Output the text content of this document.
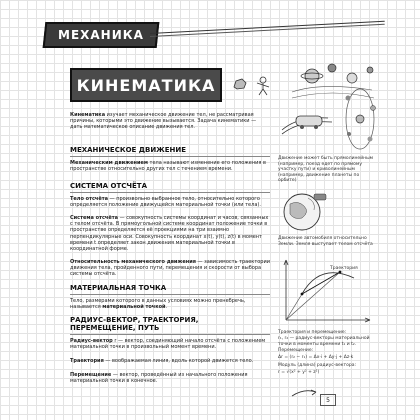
МЕХАНИКА
КИНЕМАТИКА
Кинематика изучает механическое движение тел, не рассматривая причины, которыми это движение вызывается. Задача кинематики — дать математическое описание движения тел.
МЕХАНИЧЕСКОЕ ДВИЖЕНИЕ
Механическим движением тела называют изменение его положения в пространстве относительно других тел с течением времени.
СИСТЕМА ОТСЧЁТА
Тело отсчёта — произвольно выбранное тело, относительно которого определяется положение движущейся материальной точки (или тела).
Система отсчёта — совокупность системы координат и часов, связанных с телом отсчёта. В прямоугольной системе координат положение точки в пространстве определяется её проекциями на три взаимно перпендикулярные оси. Совокупность координат x(t), y(t), z(t) в момент времени t определяет закон движения материальной точки в координатной форме.
Относительность механического движения — зависимость траектории движения тела, пройденного пути, перемещения и скорости от выбора системы отсчёта.
МАТЕРИАЛЬНАЯ ТОЧКА
Тело, размерами которого в данных условиях можно пренебречь, называется материальной точкой.
РАДИУС-ВЕКТОР, ТРАЕКТОРИЯ,
ПЕРЕМЕЩЕНИЕ, ПУТЬ
Радиус-вектор r — вектор, соединяющий начало отсчёта с положением материальной точки в произвольный момент времени.
Траектория — воображаемая линия, вдоль которой движется тело.
Перемещение — вектор, проведённый из начального положения материальной точки в конечное.
Движение может быть прямолинейным (например, поезд едет по прямому участку пути) и криволинейным (например, движение планеты по орбите)
Движение автомобиля относительно Земли. Земля выступает телом отсчёта
Траектория
Траектория и перемещение:
r₁, r₂ — радиус-векторы материальной точки в моменты времени t₁ и t₂.
Перемещение:
Δr = (r₂ − r₁) = Δx·i + Δy·j + Δz·k
Модуль (длина) радиус-вектора:
r = √(x² + y² + z²)
5
